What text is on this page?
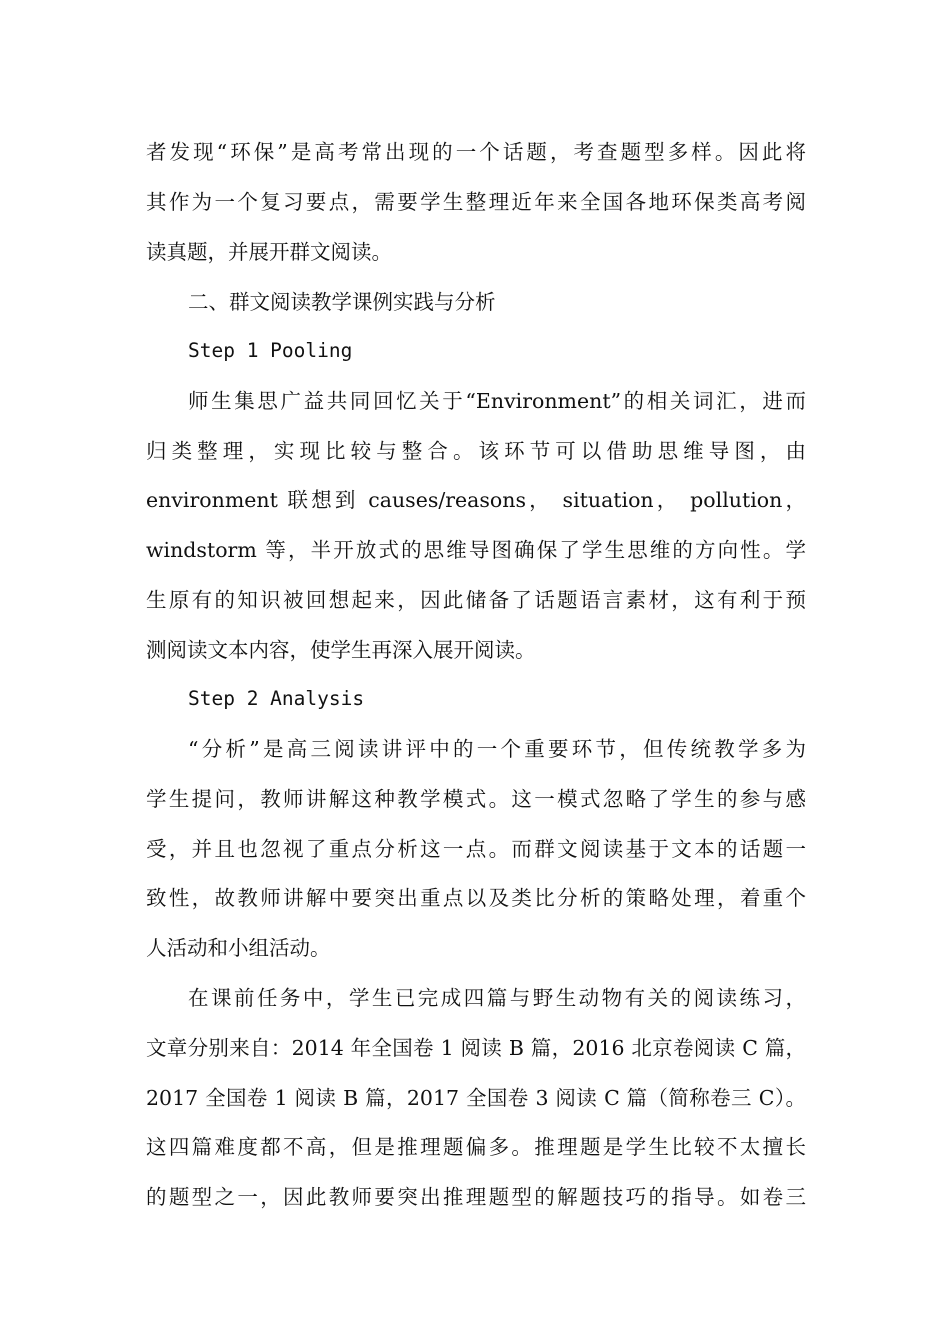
者发现“环保”是高考常出现的一个话题，考查题型多样。因此将
其作为一个复习要点，需要学生整理近年来全国各地环保类高考阅
读真题，并展开群文阅读。
二、群文阅读教学课例实践与分析
Step 1 Pooling
师生集思广益共同回忆关于“Environment”的相关词汇，进而
归类整理，实现比较与整合。该环节可以借助思维导图，由
environment 联想到 causes/reasons， situation， pollution，
windstorm 等，半开放式的思维导图确保了学生思维的方向性。学
生原有的知识被回想起来，因此储备了话题语言素材，这有利于预
测阅读文本内容，使学生再深入展开阅读。
Step 2 Analysis
“分析”是高三阅读讲评中的一个重要环节，但传统教学多为
学生提问，教师讲解这种教学模式。这一模式忽略了学生的参与感
受，并且也忽视了重点分析这一点。而群文阅读基于文本的话题一
致性，故教师讲解中要突出重点以及类比分析的策略处理，着重个
人活动和小组活动。
在课前任务中，学生已完成四篇与野生动物有关的阅读练习，
文章分别来自：2014 年全国卷 1 阅读 B 篇，2016 北京卷阅读 C 篇，
2017 全国卷 1 阅读 B 篇，2017 全国卷 3 阅读 C 篇（简称卷三 C）。
这四篇难度都不高，但是推理题偏多。推理题是学生比较不太擅长
的题型之一，因此教师要突出推理题型的解题技巧的指导。如卷三
